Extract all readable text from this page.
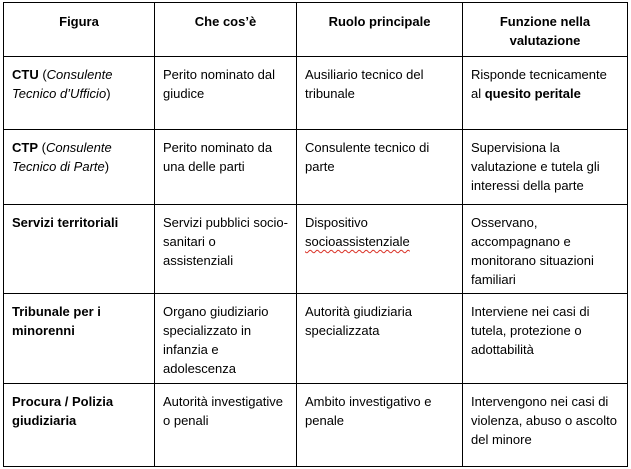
Figura	Che cos’è	Ruolo principale	Funzione nella valutazione
CTU (Consulente Tecnico d’Ufficio)	Perito nominato dal giudice	Ausiliario tecnico del tribunale	Risponde tecnicamente al quesito peritale
CTP (Consulente Tecnico di Parte)	Perito nominato da una delle parti	Consulente tecnico di parte	Supervisiona la valutazione e tutela gli interessi della parte
Servizi territoriali	Servizi pubblici socio-sanitari o assistenziali	Dispositivo socioassistenziale	Osservano, accompagnano e monitorano situazioni familiari
Tribunale per i minorenni	Organo giudiziario specializzato in infanzia e adolescenza	Autorità giudiziaria specializzata	Interviene nei casi di tutela, protezione o adottabilità
Procura / Polizia giudiziaria	Autorità investigative o penali	Ambito investigativo e penale	Intervengono nei casi di violenza, abuso o ascolto del minore
